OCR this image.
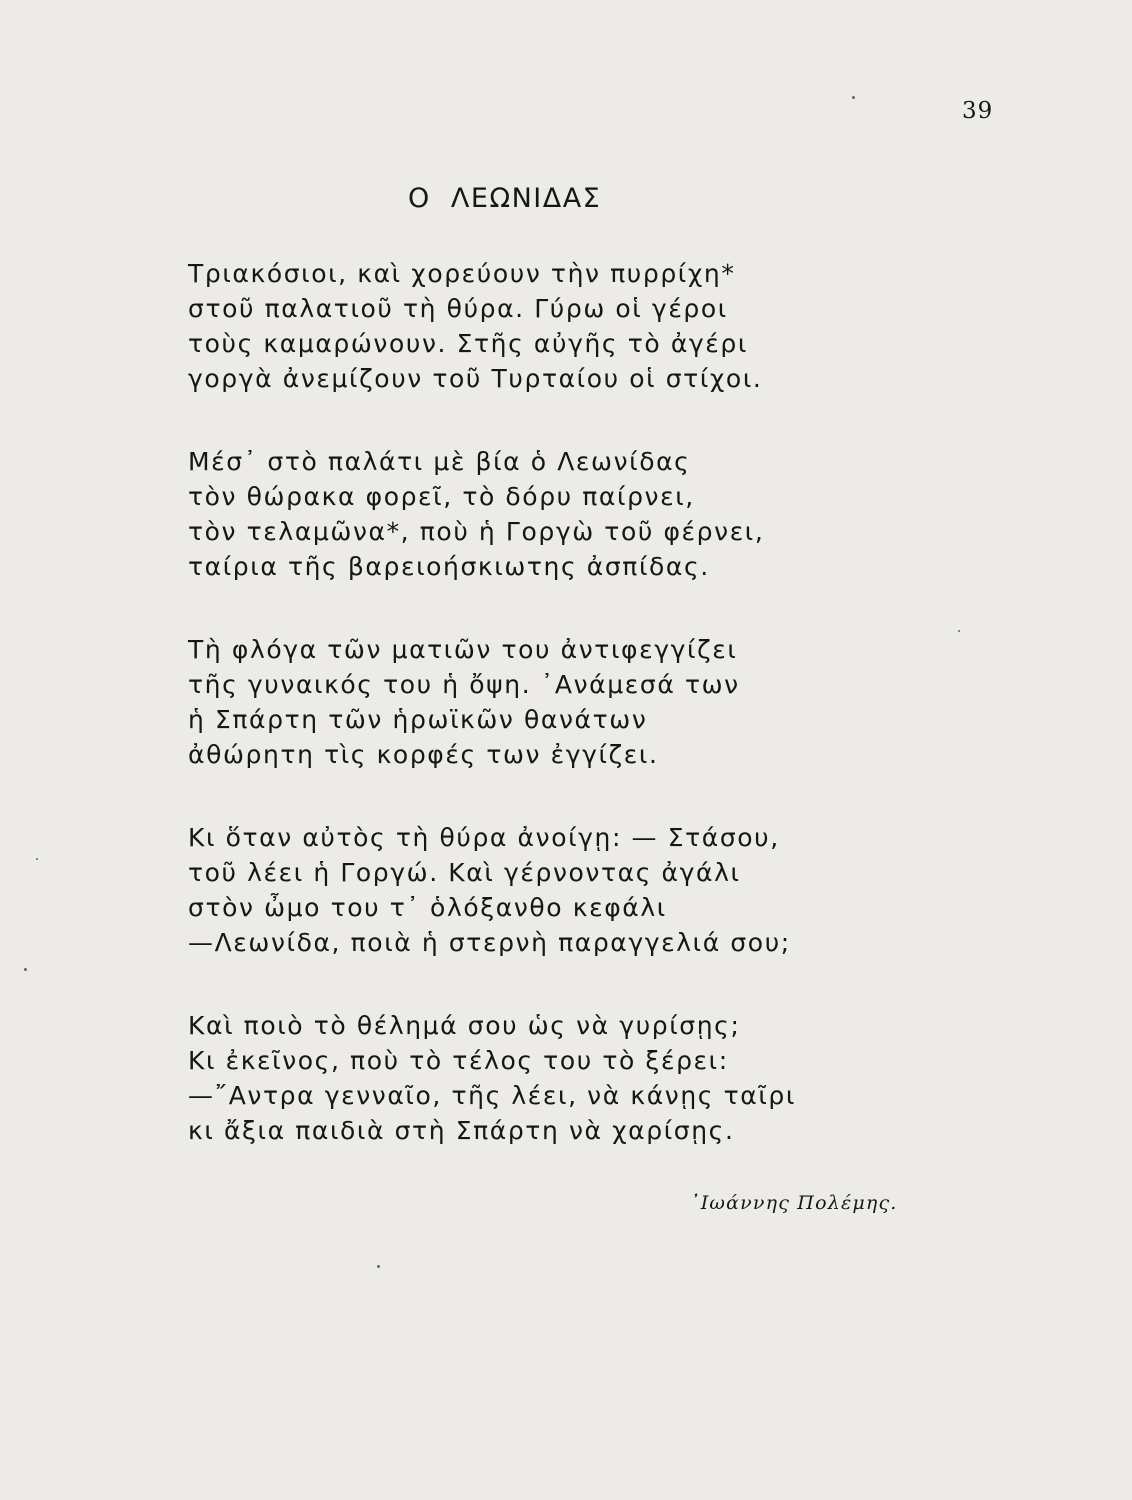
39
Ο  ΛΕΩΝΙΔΑΣ
Τριακόσιοι, καὶ χορεύουν τὴν πυρρίχη*
στοῦ παλατιοῦ τὴ θύρα. Γύρω οἱ γέροι
τοὺς καμαρώνουν. Στῆς αὐγῆς τὸ ἀγέρι
γοργὰ ἀνεμίζουν τοῦ Τυρταίου οἱ στίχοι.
Μέσ᾽ στὸ παλάτι μὲ βία ὁ Λεωνίδας
τὸν θώρακα φορεῖ, τὸ δόρυ παίρνει,
τὸν τελαμῶνα*, ποὺ ἡ Γοργὼ τοῦ φέρνει,
ταίρια τῆς βαρειοήσκιωτης ἀσπίδας.
Τὴ φλόγα τῶν ματιῶν του ἀντιφεγγίζει
τῆς γυναικός του ἡ ὄψη. ᾿Ανάμεσά των
ἡ Σπάρτη τῶν ἡρωϊκῶν θανάτων
ἀθώρητη τὶς κορφές των ἐγγίζει.
Κι ὅταν αὐτὸς τὴ θύρα ἀνοίγῃ: — Στάσου,
τοῦ λέει ἡ Γοργώ. Καὶ γέρνοντας ἀγάλι
στὸν ὦμο του τ᾽ ὁλόξανθο κεφάλι
—Λεωνίδα, ποιὰ ἡ στερνὴ παραγγελιά σου;
Καὶ ποιὸ τὸ θέλημά σου ὡς νὰ γυρίσῃς;
Κι ἐκεῖνος, ποὺ τὸ τέλος του τὸ ξέρει:
—῎Αντρα γενναῖο, τῆς λέει, νὰ κάνῃς ταῖρι
κι ἄξια παιδιὰ στὴ Σπάρτη νὰ χαρίσῃς.
᾿Ιωάννης Πολέμης.
